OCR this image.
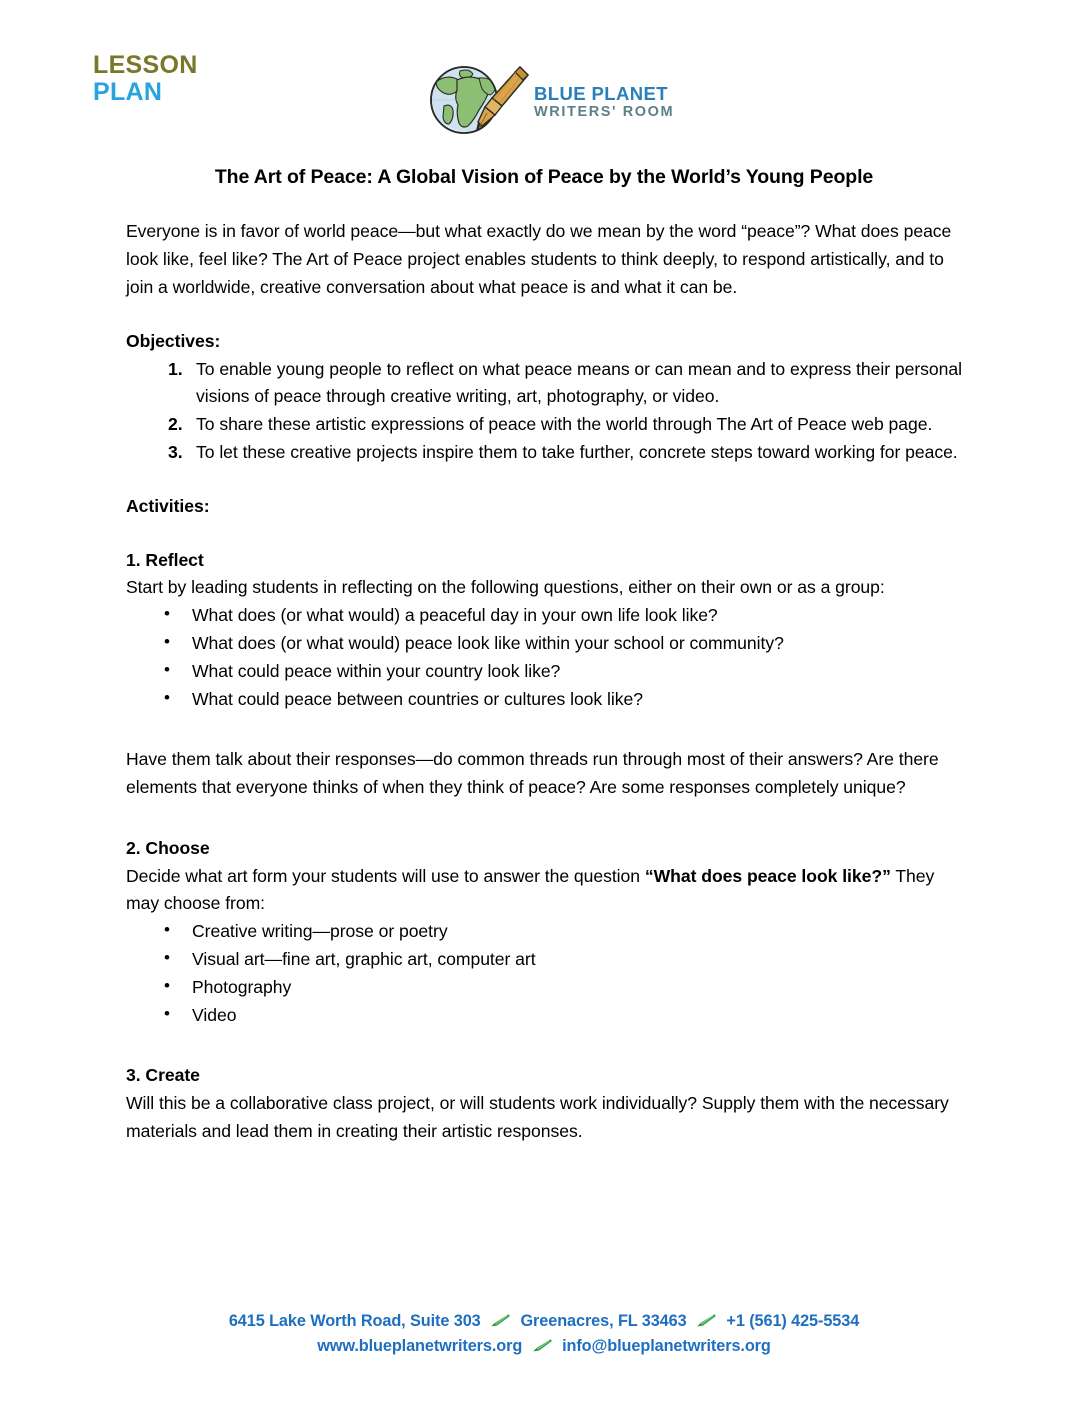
LESSON
PLAN	BLUE PLANET
WRITERS' ROOM
The Art of Peace: A Global Vision of Peace by the World’s Young People

Everyone is in favor of world peace—but what exactly do we mean by the word “peace”? What does peace look like, feel like? The Art of Peace project enables students to think deeply, to respond artistically, and to join a worldwide, creative conversation about what peace is and what it can be.

Objectives:
To enable young people to reflect on what peace means or can mean and to express their personal visions of peace through creative writing, art, photography, or video.
To share these artistic expressions of peace with the world through The Art of Peace web page.
To let these creative projects inspire them to take further, concrete steps toward working for peace.
Activities:
1. Reflect

Start by leading students in reflecting on the following questions, either on their own or as a group:

• What does (or what would) a peaceful day in your own life look like?
• What does (or what would) peace look like within your school or community?
• What could peace within your country look like?
• What could peace between countries or cultures look like?

Have them talk about their responses—do common threads run through most of their answers? Are there elements that everyone thinks of when they think of peace? Are some responses completely unique?

2. Choose

Decide what art form your students will use to answer the question “What does peace look like?” They may choose from:

• Creative writing—prose or poetry
• Visual art—fine art, graphic art, computer art
• Photography
• Video
3. Create

Will this be a collaborative class project, or will students work individually? Supply them with the necessary materials and lead them in creating their artistic responses.

6415 Lake Worth Road, Suite 303 Greenacres, FL 33463 +1 (561) 425-5534
www.blueplanetwriters.org info@blueplanetwriters.org
